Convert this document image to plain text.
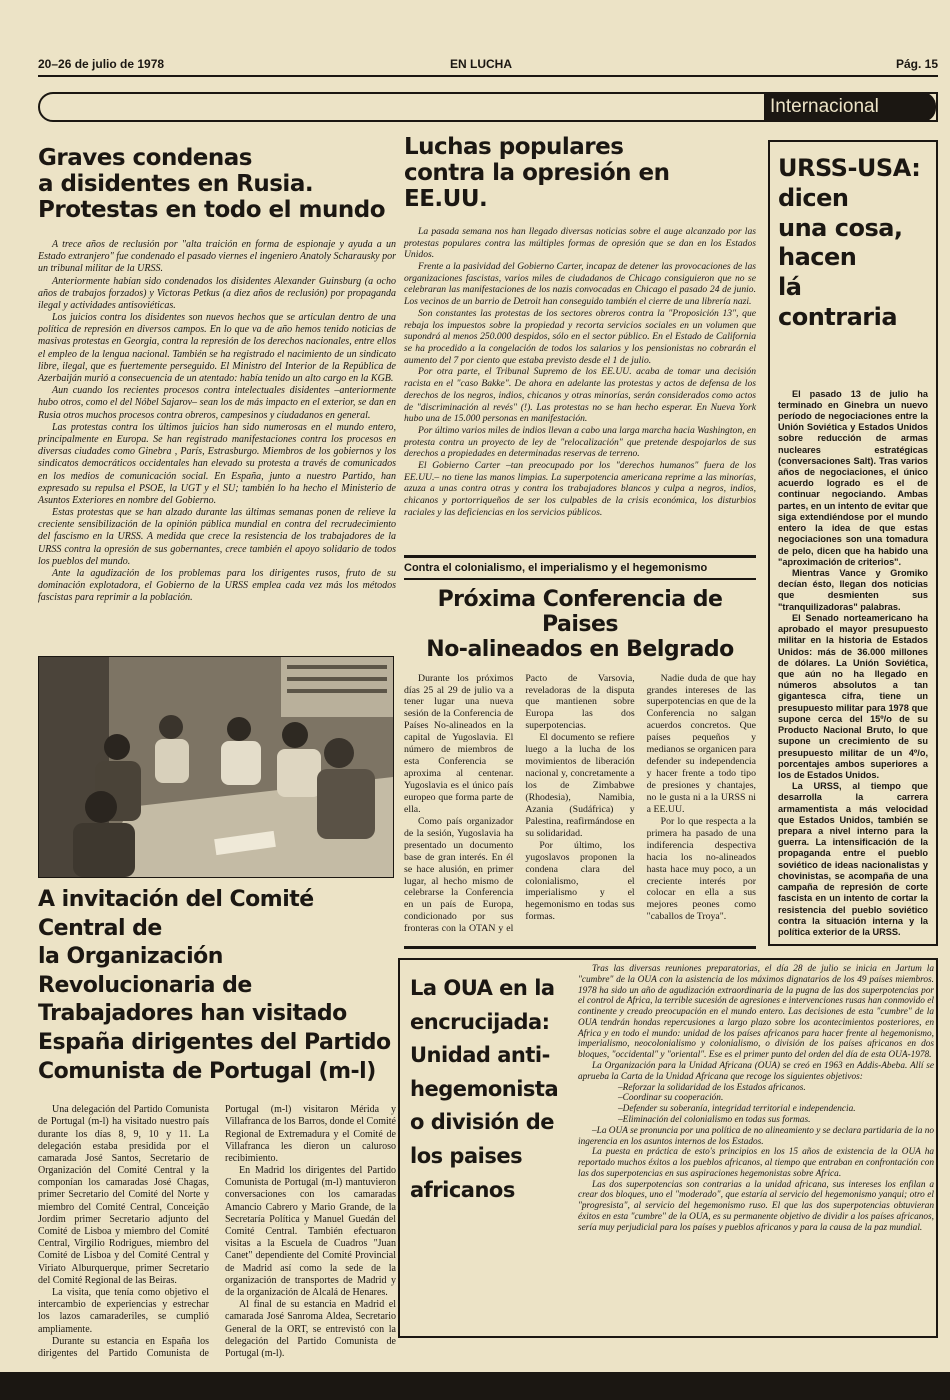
20–26 de julio de 1978	EN LUCHA	Pág. 15
Internacional
Graves condenas
a disidentes en Rusia.
Protestas en todo el mundo

A trece años de reclusión por "alta traición en forma de espionaje y ayuda a un Estado extranjero" fue condenado el pasado viernes el ingeniero Anatoly Scharausky por un tribunal militar de la URSS.

Anteriormente habían sido condenados los disidentes Alexander Guinsburg (a ocho años de trabajos forzados) y Victoras Petkus (a diez años de reclusión) por propaganda ilegal y actividades antisoviéticas.

Los juicios contra los disidentes son nuevos hechos que se articulan dentro de una política de represión en diversos campos. En lo que va de año hemos tenido noticias de masivas protestas en Georgia, contra la represión de los derechos nacionales, entre ellos el empleo de la lengua nacional. También se ha registrado el nacimiento de un sindicato libre, ilegal, que es fuertemente perseguido. El Ministro del Interior de la República de Azerbaiján murió a consecuencia de un atentado: había tenido un alto cargo en la KGB.

Aun cuando los recientes procesos contra intelectuales disidentes –anteriormente hubo otros, como el del Nóbel Sajarov– sean los de más impacto en el exterior, se dan en Rusia otros muchos procesos contra obreros, campesinos y ciudadanos en general.

Las protestas contra los últimos juicios han sido numerosas en el mundo entero, principalmente en Europa. Se han registrado manifestaciones contra los procesos en diversas ciudades como Ginebra , París, Estrasburgo. Miembros de los gobiernos y los sindicatos democráticos occidentales han elevado su protesta a través de comunicados en los medios de comunicación social. En España, junto a nuestro Partido, han expresado su repulsa el PSOE, la UGT y el SU; también lo ha hecho el Ministerio de Asuntos Exteriores en nombre del Gobierno.

Estas protestas que se han alzado durante las últimas semanas ponen de relieve la creciente sensibilización de la opinión pública mundial en contra del recrudecimiento del fascismo en la URSS. A medida que crece la resistencia de los trabajadores de la URSS contra la opresión de sus gobernantes, crece también el apoyo solidario de todos los pueblos del mundo.

Ante la agudización de los problemas para los dirigentes rusos, fruto de su dominación explotadora, el Gobierno de la URSS emplea cada vez más los métodos fascistas para reprimir a la población.

A invitación del Comité Central de
la Organización Revolucionaria de
Trabajadores han visitado
España dirigentes del Partido
Comunista de Portugal (m-l)

Una delegación del Partido Comunista de Portugal (m-l) ha visitado nuestro país durante los días 8, 9, 10 y 11. La delegación estaba presidida por el camarada José Santos, Secretario de Organización del Comité Central y la componían los camaradas José Chagas, primer Secretario del Comité del Norte y miembro del Comité Central, Conceição Jordim primer Secretario adjunto del Comité de Lisboa y miembro del Comité Central, Virgilio Rodrigues, miembro del Comité de Lisboa y del Comité Central y Viriato Alburquerque, primer Secretario del Comité Regional de las Beiras.

La visita, que tenía como objetivo el intercambio de experiencias y estrechar los lazos camaraderiles, se cumplió ampliamente.

Durante su estancia en España los dirigentes del Partido Comunista de Portugal (m-l) visitaron Mérida y Villafranca de los Barros, donde el Comité Regional de Extremadura y el Comité de Villafranca les dieron un caluroso recibimiento.

En Madrid los dirigentes del Partido Comunista de Portugal (m-l) mantuvieron conversaciones con los camaradas Amancio Cabrero y Mario Grande, de la Secretaría Política y Manuel Guedán del Comité Central. También efectuaron visitas a la Escuela de Cuadros "Juan Canet" dependiente del Comité Provincial de Madrid así como la sede de la organización de transportes de Madrid y de la organización de Alcalá de Henares.

Al final de su estancia en Madrid el camarada José Sanroma Aldea, Secretario General de la ORT, se entrevistó con la delegación del Partido Comunista de Portugal (m-l).

Luchas populares
contra la opresión en EE.UU.

La pasada semana nos han llegado diversas noticias sobre el auge alcanzado por las protestas populares contra las múltiples formas de opresión que se dan en los Estados Unidos.

Frente a la pasividad del Gobierno Carter, incapaz de detener las provocaciones de las organizaciones fascistas, varios miles de ciudadanos de Chicago consiguieron que no se celebraran las manifestaciones de los nazis convocadas en Chicago el pasado 24 de junio. Los vecinos de un barrio de Detroit han conseguido también el cierre de una librería nazi.

Son constantes las protestas de los sectores obreros contra la "Proposición 13", que rebaja los impuestos sobre la propiedad y recorta servicios sociales en un volumen que supondrá al menos 250.000 despidos, sólo en el sector público. En el Estado de California se ha procedido a la congelación de todos los salarios y los pensionistas no cobrarán el aumento del 7 por ciento que estaba previsto desde el 1 de julio.

Por otra parte, el Tribunal Supremo de los EE.UU. acaba de tomar una decisión racista en el "caso Bakke". De ahora en adelante las protestas y actos de defensa de los derechos de los negros, indios, chicanos y otras minorías, serán considerados como actos de "discriminación al revés" (!). Las protestas no se han hecho esperar. En Nueva York hubo una de 15.000 personas en manifestación.

Por último varios miles de indios llevan a cabo una larga marcha hacia Washington, en protesta contra un proyecto de ley de "relocalización" que pretende despojarlos de sus derechos a propiedades en determinadas reservas de terreno.

El Gobierno Carter –tan preocupado por los "derechos humanos" fuera de los EE.UU.– no tiene las manos limpias. La superpotencia americana reprime a las minorías, azuza a unas contra otras y contra los trabajadores blancos y culpa a negros, indios, chicanos y portorriqueños de ser los culpables de la crisis económica, los disturbios raciales y las deficiencias en los servicios públicos.

Contra el colonialismo, el imperialismo y el hegemonismo
Próxima Conferencia de Paises
No-alineados en Belgrado

Durante los próximos días 25 al 29 de julio va a tener lugar una nueva sesión de la Conferencia de Países No-alineados en la capital de Yugoslavia. El número de miembros de esta Conferencia se aproxima al centenar. Yugoslavia es el único país europeo que forma parte de ella.

Como país organizador de la sesión, Yugoslavia ha presentado un documento base de gran interés. En él se hace alusión, en primer lugar, al hecho mismo de celebrarse la Conferencia en un país de Europa, condicionado por sus fronteras con la OTAN y el Pacto de Varsovia, reveladoras de la disputa que mantienen sobre Europa las dos superpotencias.

El documento se refiere luego a la lucha de los movimientos de liberación nacional y, concretamente a los de Zimbabwe (Rhodesia), Namibia, Azania (Sudáfrica) y Palestina, reafirmándose en su solidaridad.

Por último, los yugoslavos proponen la condena clara del colonialismo, el imperialismo y el hegemonismo en todas sus formas.

Nadie duda de que hay grandes intereses de las superpotencias en que de la Conferencia no salgan acuerdos concretos. Que países pequeños y medianos se organicen para defender su independencia y hacer frente a todo tipo de presiones y chantajes, no le gusta ni a la URSS ni a EE.UU.

Por lo que respecta a la primera ha pasado de una indiferencia despectiva hacia los no-alineados hasta hace muy poco, a un creciente interés por colocar en ella a sus mejores peones como "caballos de Troya".

URSS-USA:
dicen
una cosa,
hacen
lá contraria

El pasado 13 de julio ha terminado en Ginebra un nuevo período de negociaciones entre la Unión Soviética y Estados Unidos sobre reducción de armas nucleares estratégicas (conversaciones Salt). Tras varios años de negociaciones, el único acuerdo logrado es el de continuar negociando. Ambas partes, en un intento de evitar que siga extendiéndose por el mundo entero la idea de que estas negociaciones son una tomadura de pelo, dicen que ha habido una "aproximación de criterios".

Mientras Vance y Gromiko decían ésto, llegan dos noticias que desmienten sus "tranquilizadoras" palabras.

El Senado norteamericano ha aprobado el mayor presupuesto militar en la historia de Estados Unidos: más de 36.000 millones de dólares. La Unión Soviética, que aún no ha llegado en números absolutos a tan gigantesca cifra, tiene un presupuesto militar para 1978 que supone cerca del 15º/o de su Producto Nacional Bruto, lo que supone un crecimiento de su presupuesto militar de un 4º/o, porcentajes ambos superiores a los de Estados Unidos.

La URSS, al tiempo que desarrolla la carrera armamentista a más velocidad que Estados Unidos, también se prepara a nivel interno para la guerra. La intensificación de la propaganda entre el pueblo soviético de ideas nacionalistas y chovinistas, se acompaña de una campaña de represión de corte fascista en un intento de cortar la resistencia del pueblo soviético contra la situación interna y la política exterior de la URSS.

La OUA en la
encrucijada:
Unidad anti-
hegemonista
o división de
los paises
africanos

Tras las diversas reuniones preparatorias, el día 28 de julio se inicia en Jartum la "cumbre" de la OUA con la asistencia de los máximos dignatarios de los 49 países miembros. 1978 ha sido un año de agudización extraordinaria de la pugna de las dos superpotencias por el control de Africa, la terrible sucesión de agresiones e intervenciones rusas han conmovido el continente y creado preocupación en el mundo entero. Las decisiones de esta "cumbre" de la OUA tendrán hondas repercusiones a largo plazo sobre los acontecimientos posteriores, en Africa y en todo el mundo: unidad de los países africanos para hacer frente al hegemonismo, imperialismo, neocolonialismo y colonialismo, o división de los países africanos en dos bloques, "occidental" y "oriental". Ese es el primer punto del orden del día de esta OUA-1978.

La Organización para la Unidad Africana (OUA) se creó en 1963 en Addis-Abeba. Allí se aprueba la Carta de la Unidad Africana que recoge los siguientes objetivos:

–Reforzar la solidaridad de los Estados africanos.

–Coordinar su cooperación.

–Defender su soberanía, integridad territorial e independencia.

–Eliminación del colonialismo en todas sus formas.

–La OUA se pronuncia por una política de no alineamiento y se declara partidaria de la no ingerencia en los asuntos internos de los Estados.

La puesta en práctica de esto's principios en los 15 años de existencia de la OUA ha reportado muchos éxitos a los pueblos africanos, al tiempo que entraban en confrontación con las dos superpotencias en sus aspiraciones hegemonistas sobre Africa.

Las dos superpotencias son contrarias a la unidad africana, sus intereses los enfilan a crear dos bloques, uno el "moderado", que estaría al servicio del hegemonismo yanqui; otro el "progresista", al servicio del hegemonismo ruso. El que las dos superpotencias obtuvieran éxitos en esta "cumbre" de la OUA, es su permanente objetivo de dividir a los países africanos, sería muy perjudicial para los países y pueblos africanos y para la causa de la paz mundial.
